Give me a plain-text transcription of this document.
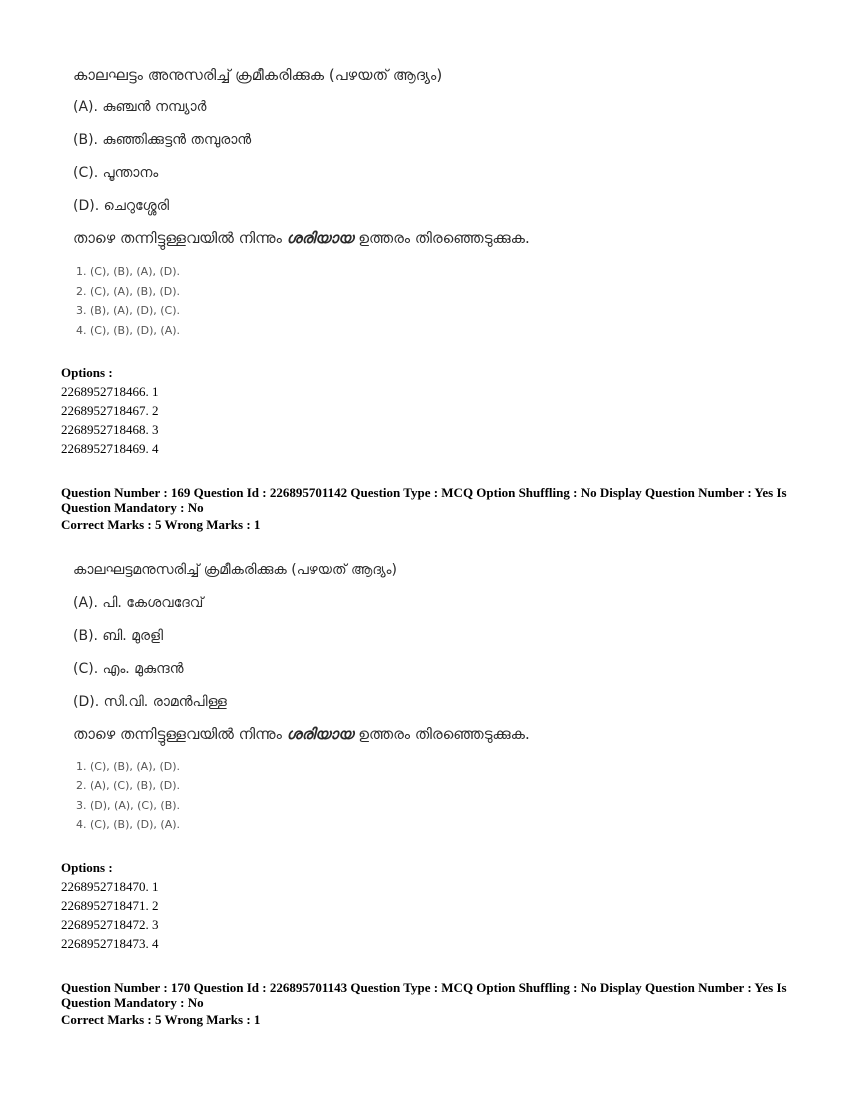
കാലഘട്ടം അനുസരിച്ച് ക്രമീകരിക്കുക (പഴയത് ആദ്യം)
(A). കുഞ്ചൻ നമ്പ്യാർ
(B). കുഞ്ഞിക്കുട്ടൻ തമ്പുരാൻ
(C). പൂന്താനം
(D). ചെറുശ്ശേരി
താഴെ തന്നിട്ടുള്ളവയിൽ നിന്നും ശരിയായ ഉത്തരം തിരഞ്ഞെടുക്കുക.
1. (C), (B), (A), (D).
2. (C), (A), (B), (D).
3. (B), (A), (D), (C).
4. (C), (B), (D), (A).
Options :
2268952718466. 1
2268952718467. 2
2268952718468. 3
2268952718469. 4
Question Number : 169 Question Id : 226895701142 Question Type : MCQ Option Shuffling : No Display Question Number : Yes Is Question Mandatory : No
Correct Marks : 5 Wrong Marks : 1
കാലഘട്ടമനുസരിച്ച് ക്രമീകരിക്കുക (പഴയത് ആദ്യം)
(A). പി. കേശവദേവ്
(B). ബി. മുരളി
(C). എം. മുകുന്ദൻ
(D). സി.വി. രാമൻപിള്ള
താഴെ തന്നിട്ടുള്ളവയിൽ നിന്നും ശരിയായ ഉത്തരം തിരഞ്ഞെടുക്കുക.
1. (C), (B), (A), (D).
2. (A), (C), (B), (D).
3. (D), (A), (C), (B).
4. (C), (B), (D), (A).
Options :
2268952718470. 1
2268952718471. 2
2268952718472. 3
2268952718473. 4
Question Number : 170 Question Id : 226895701143 Question Type : MCQ Option Shuffling : No Display Question Number : Yes Is Question Mandatory : No
Correct Marks : 5 Wrong Marks : 1
